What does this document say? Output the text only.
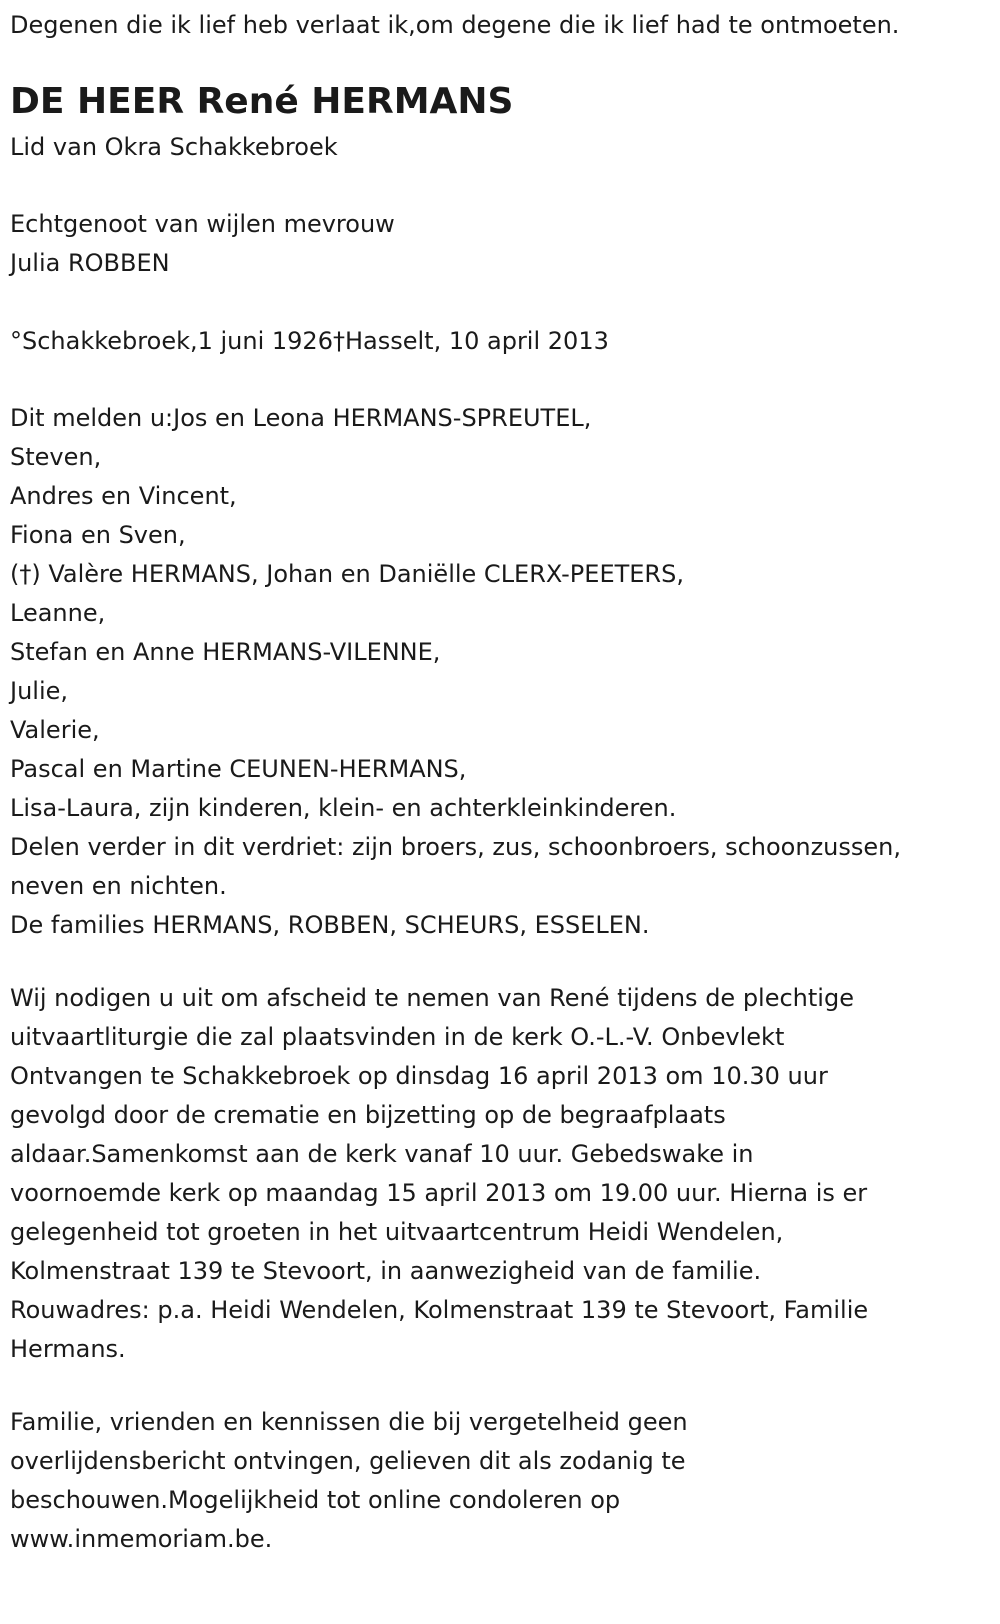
Degenen die ik lief heb verlaat ik,om degene die ik lief had te ontmoeten.

DE HEER René HERMANS

Lid van Okra Schakkebroek

Echtgenoot van wijlen mevrouw

Julia ROBBEN

°Schakkebroek,1 juni 1926†Hasselt, 10 april 2013

Dit melden u:Jos en Leona HERMANS-SPREUTEL,

Steven,

Andres en Vincent,

Fiona en Sven,

(†) Valère HERMANS, Johan en Daniëlle CLERX-PEETERS,

Leanne,

Stefan en Anne HERMANS-VILENNE,

Julie,

Valerie,

Pascal en Martine CEUNEN-HERMANS,

Lisa-Laura, zijn kinderen, klein- en achterkleinkinderen.

Delen verder in dit verdriet: zijn broers, zus, schoonbroers, schoonzussen,

neven en nichten.

De families HERMANS, ROBBEN, SCHEURS, ESSELEN.

Wij nodigen u uit om afscheid te nemen van René tijdens de plechtige

uitvaartliturgie die zal plaatsvinden in de kerk O.-L.-V. Onbevlekt

Ontvangen te Schakkebroek op dinsdag 16 april 2013 om 10.30 uur

gevolgd door de crematie en bijzetting op de begraafplaats

aldaar.Samenkomst aan de kerk vanaf 10 uur. Gebedswake in

voornoemde kerk op maandag 15 april 2013 om 19.00 uur. Hierna is er

gelegenheid tot groeten in het uitvaartcentrum Heidi Wendelen,

Kolmenstraat 139 te Stevoort, in aanwezigheid van de familie.

Rouwadres: p.a. Heidi Wendelen, Kolmenstraat 139 te Stevoort, Familie

Hermans.

Familie, vrienden en kennissen die bij vergetelheid geen

overlijdensbericht ontvingen, gelieven dit als zodanig te

beschouwen.Mogelijkheid tot online condoleren op

www.inmemoriam.be.
